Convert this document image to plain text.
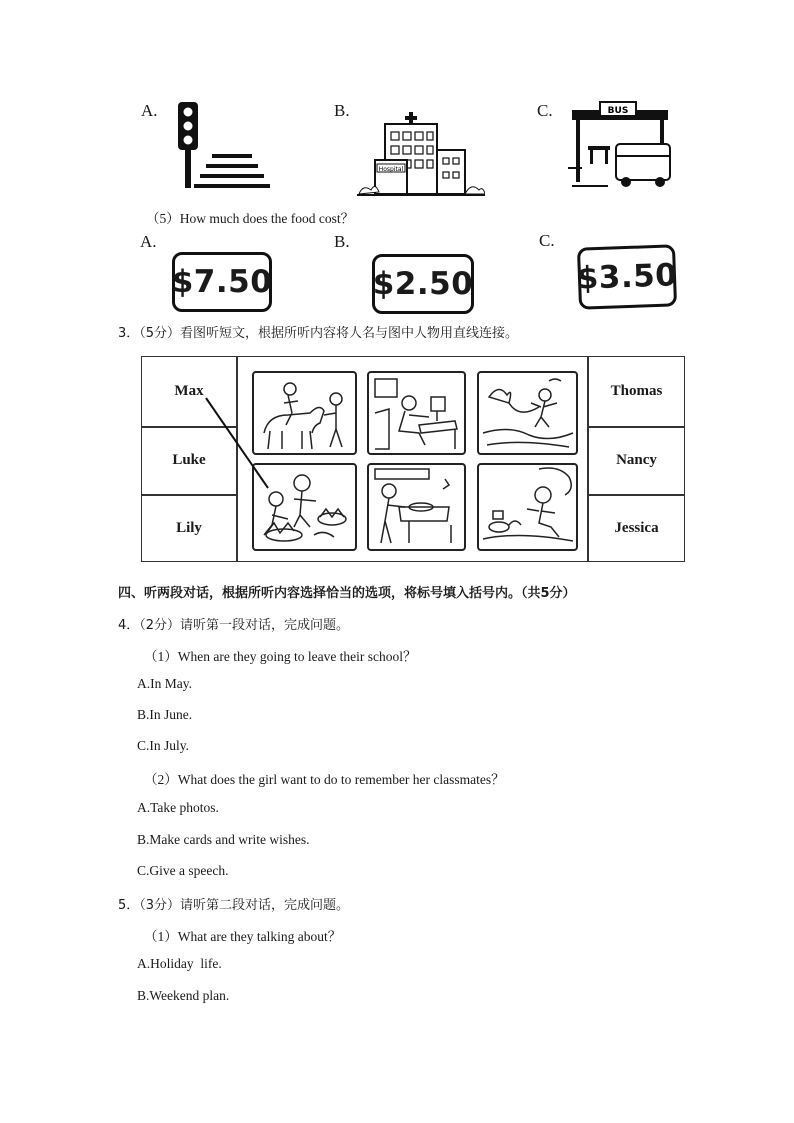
A.	B.
Hospital
C.	BUS
（5）How much does the food cost？
A.
$7.50
B.
$2.50
C.
$3.50
3．（5分）看图听短文，根据所听内容将人名与图中人物用直线连接。
Max
Luke
Lily
Thomas
Nancy
Jessica
四、听两段对话，根据所听内容选择恰当的选项，将标号填入括号内。（共5分）
4．（2分）请听第一段对话，完成问题。
（1）When are they going to leave their school？
A.In May.
B.In June.
C.In July.
（2）What does the girl want to do to remember her classmates？
A.Take photos.
B.Make cards and write wishes.
C.Give a speech.
5．（3分）请听第二段对话，完成问题。
（1）What are they talking about？
A.Holiday  life.
B.Weekend plan.
